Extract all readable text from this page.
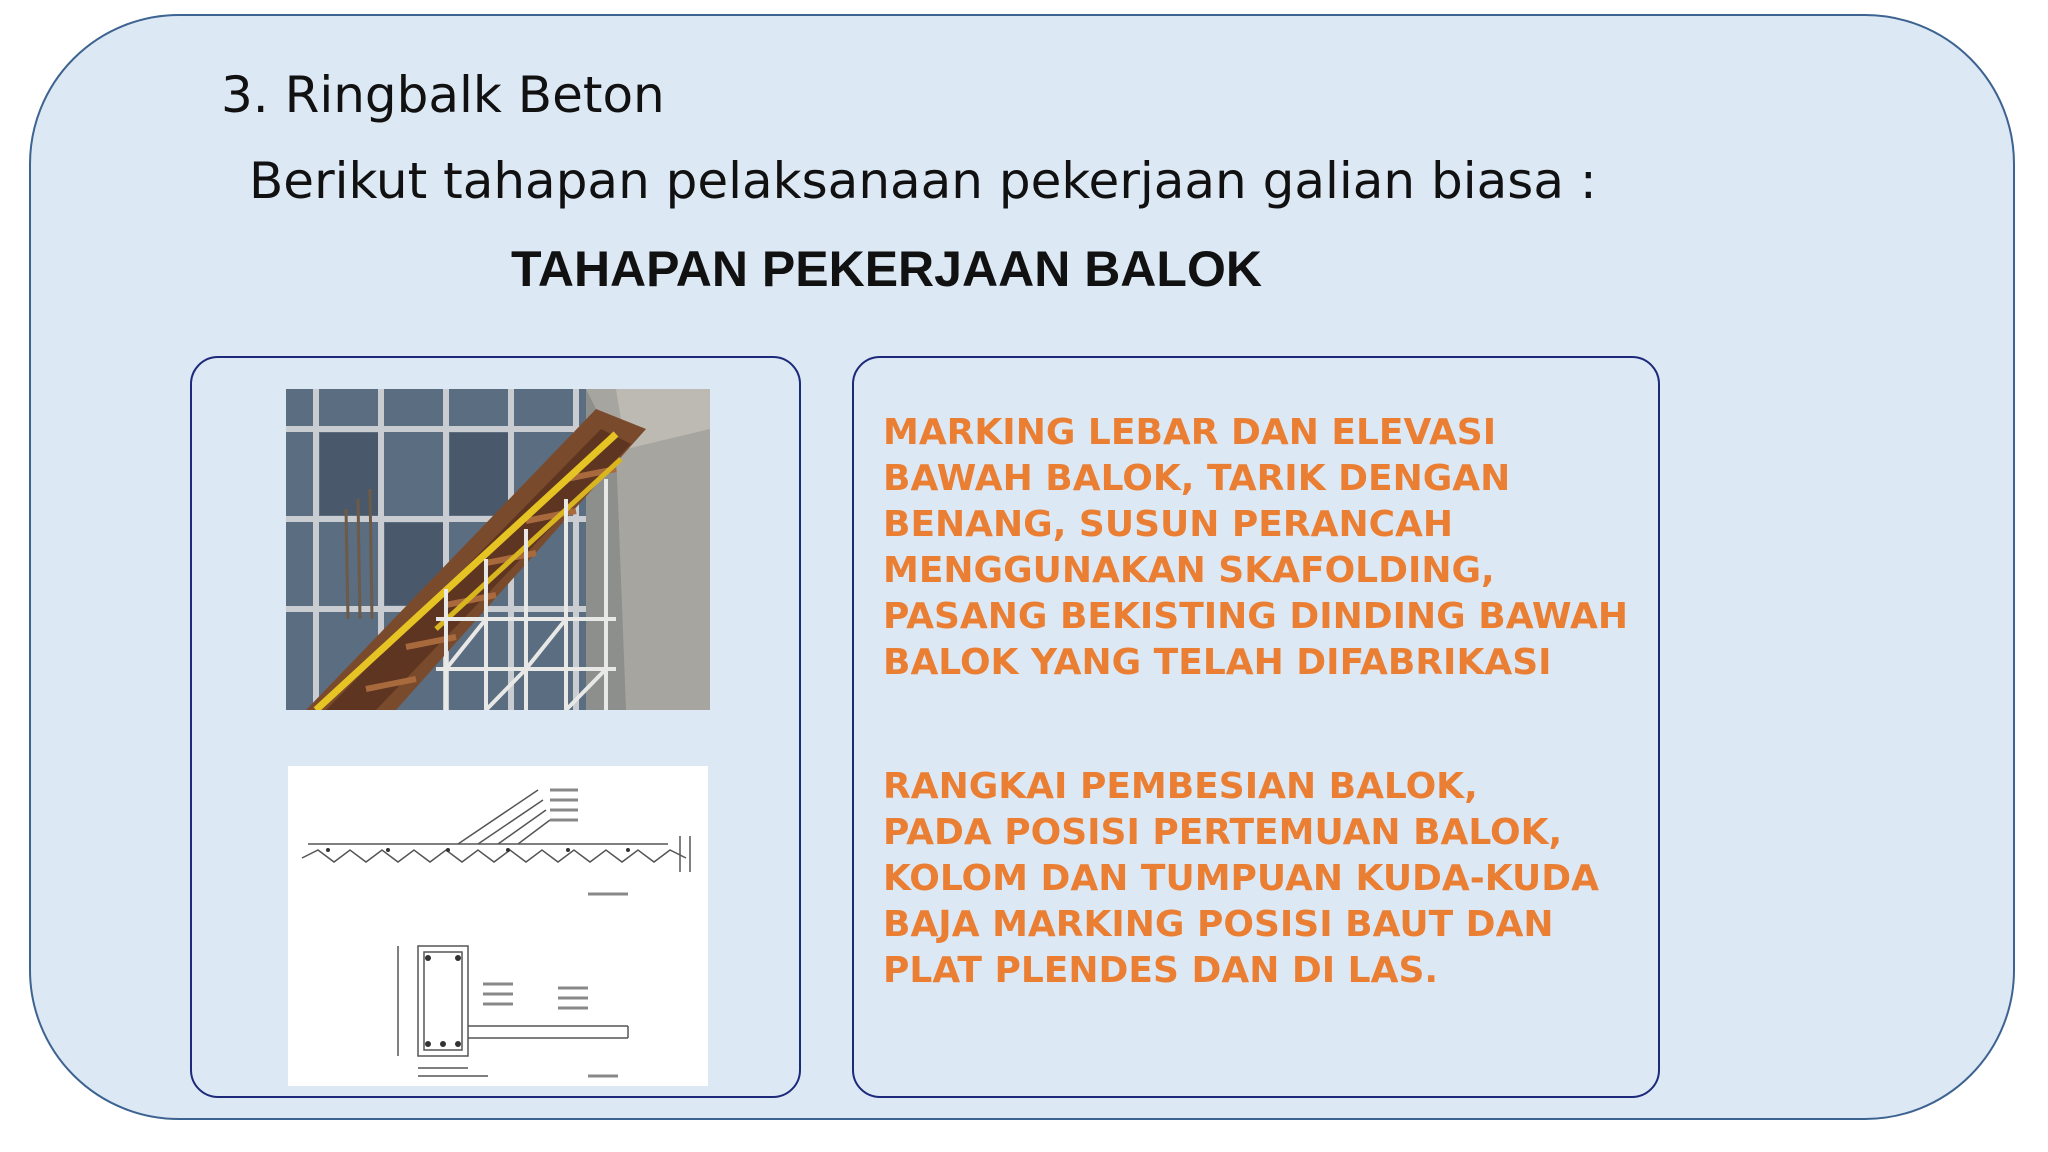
3. Ringbalk Beton
Berikut tahapan pelaksanaan pekerjaan galian biasa :
TAHAPAN PEKERJAAN BALOK
MARKING LEBAR DAN ELEVASI
BAWAH BALOK, TARIK DENGAN
BENANG, SUSUN PERANCAH
MENGGUNAKAN SKAFOLDING,
PASANG BEKISTING DINDING BAWAH
BALOK YANG TELAH DIFABRIKASI
RANGKAI PEMBESIAN BALOK,
PADA POSISI PERTEMUAN BALOK,
KOLOM DAN TUMPUAN KUDA-KUDA
BAJA MARKING POSISI BAUT DAN
PLAT PLENDES DAN DI LAS.
